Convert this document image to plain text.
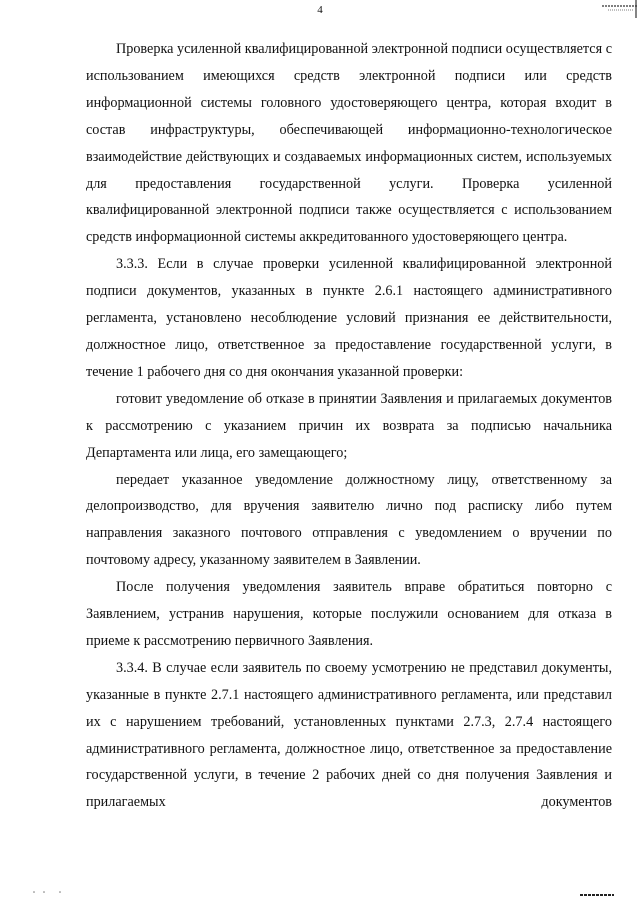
4

Проверка усиленной квалифицированной электронной подписи осуществляется с использованием имеющихся средств электронной подписи или средств информационной системы головного удостоверяющего центра, которая входит в состав инфраструктуры, обеспечивающей информационно-технологическое взаимодействие действующих и создаваемых информационных систем, используемых для предоставления государственной услуги. Проверка усиленной квалифицированной электронной подписи также осуществляется с использованием средств информационной системы аккредитованного удостоверяющего центра.

3.3.3. Если в случае проверки усиленной квалифицированной электронной подписи документов, указанных в пункте 2.6.1 настоящего административного регламента, установлено несоблюдение условий признания ее действительности, должностное лицо, ответственное за предоставление государственной услуги, в течение 1 рабочего дня со дня окончания указанной проверки:

готовит уведомление об отказе в принятии Заявления и прилагаемых документов к рассмотрению с указанием причин их возврата за подписью начальника Департамента или лица, его замещающего;

передает указанное уведомление должностному лицу, ответственному за делопроизводство, для вручения заявителю лично под расписку либо путем направления заказного почтового отправления с уведомлением о вручении по почтовому адресу, указанному заявителем в Заявлении.

После получения уведомления заявитель вправе обратиться повторно с Заявлением, устранив нарушения, которые послужили основанием для отказа в приеме к рассмотрению первичного Заявления.

3.3.4. В случае если заявитель по своему усмотрению не представил документы, указанные в пункте 2.7.1 настоящего административного регламента, или представил их с нарушением требований, установленных пунктами 2.7.3, 2.7.4 настоящего административного регламента, должностное лицо, ответственное за предоставление государственной услуги, в течение 2 рабочих дней со дня получения Заявления и прилагаемых документов
